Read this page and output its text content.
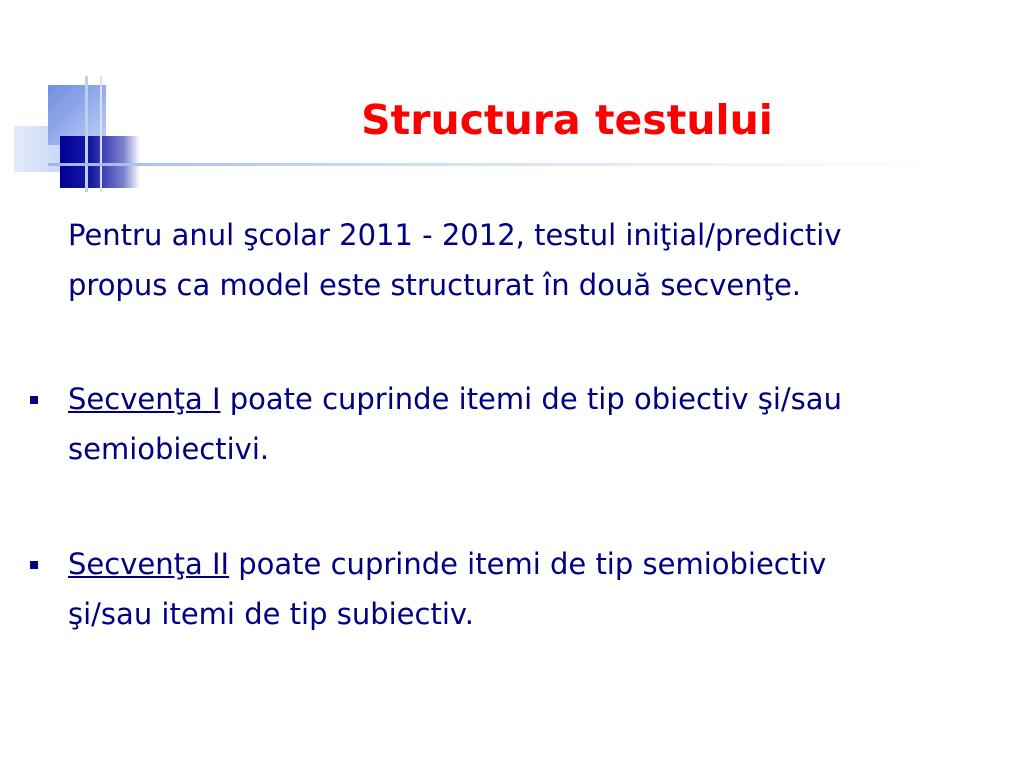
Structura testului

Pentru anul şcolar 2011 - 2012, testul iniţial/predictiv

propus ca model este structurat în două secvenţe.

Secvenţa I poate cuprinde itemi de tip obiectiv şi/sau

semiobiectivi.

Secvenţa II poate cuprinde itemi de tip semiobiectiv

şi/sau itemi de tip subiectiv.
